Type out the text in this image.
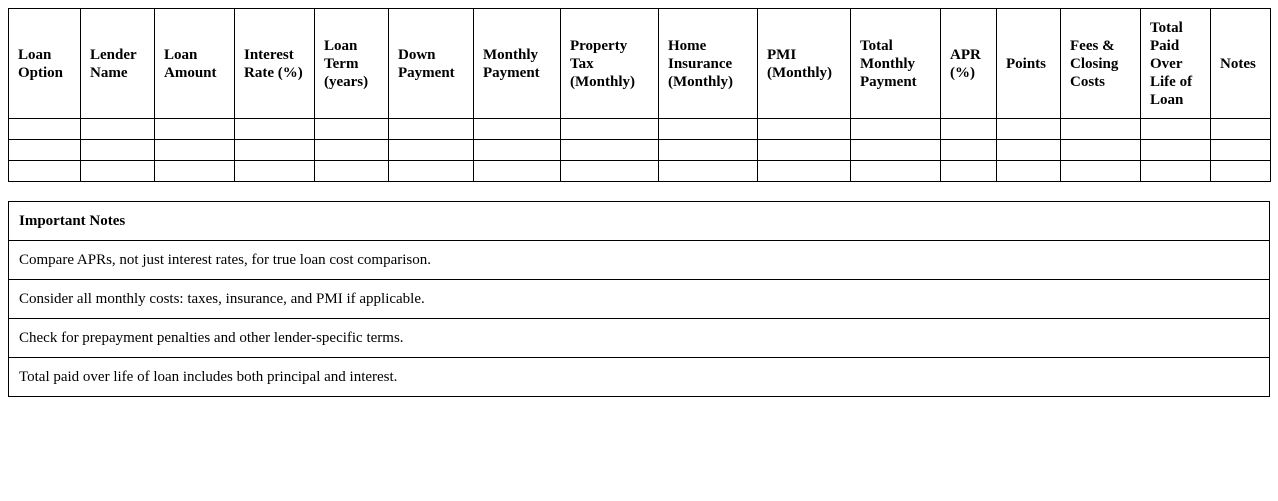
Loan Option	Lender Name	Loan Amount	Interest Rate (%)	Loan Term (years)	Down Payment	Monthly Payment	Property Tax (Monthly)	Home Insurance (Monthly)	PMI (Monthly)	Total Monthly Payment	APR (%)	Points	Fees & Closing Costs	Total Paid Over Life of Loan	Notes

Important Notes
Compare APRs, not just interest rates, for true loan cost comparison.
Consider all monthly costs: taxes, insurance, and PMI if applicable.
Check for prepayment penalties and other lender-specific terms.
Total paid over life of loan includes both principal and interest.
